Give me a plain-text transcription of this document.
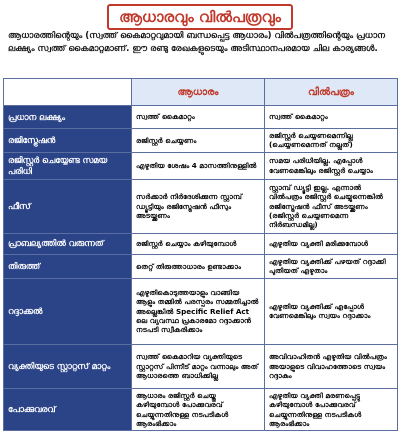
ആധാരവും വിൽപത്രവും
ആധാരത്തിന്റെയും (സ്വത്ത് കൈമാറ്റവുമായി ബന്ധപ്പെട്ട ആധാരം) വിൽപത്രത്തിന്റെയും പ്രധാന ലക്ഷ്യം സ്വത്ത് കൈമാറ്റമാണ്. ഈ രണ്ടു രേഖകളുടെയും അടിസ്ഥാനപരമായ ചില കാര്യങ്ങൾ.
	ആധാരം	വിൽപത്രം
പ്രധാന ലക്ഷ്യം	സ്വത്ത് കൈമാറ്റം	സ്വത്ത് കൈമാറ്റം
രജിസ്ട്രേഷൻ	രജിസ്റ്റർ ചെയ്യണം	രജിസ്റ്റർ ചെയ്യണമെന്നില്ല (ചെയ്യണമെന്നത് നല്ലത്)
രജിസ്റ്റർ ചെയ്യേണ്ട സമയ പരിധി	എഴുതിയ ശേഷം 4 മാസത്തിനുള്ളിൽ	സമയ പരിധിയില്ല. എപ്പോൾ വേണമെങ്കിലും രജിസ്റ്റർ ചെയ്യാം
ഫീസ്	സർക്കാർ നിർദേശിക്കുന്ന സ്റ്റാമ്പ് ഡ്യൂട്ടിയും രജിസ്ട്രേഷൻ ഫീസും അടയ്ക്കണം	സ്റ്റാമ്പ് ഡ്യൂട്ടി ഇല്ല. എന്നാൽ വിൽപത്രം രജിസ്റ്റർ ചെയ്യുന്നെങ്കിൽ രജിസ്ട്രേഷൻ ഫീസ് അടയ്ക്കണം (രജിസ്റ്റർ ചെയ്യണമെന്ന നിർബന്ധമില്ല)
പ്രാബല്യത്തിൽ വരുന്നത്	രജിസ്റ്റർ ചെയ്യാം കഴിയുമ്പോൾ	എഴുതിയ വ്യക്തി മരിക്കുമ്പോൾ
തിരുത്ത്	തെറ്റ് തിരുത്താധാരം ഉണ്ടാക്കാം	എഴുതിയ വ്യക്തിക്ക് പഴയത് റദ്ദാക്കി പുതിയത് എഴുതാം
റദ്ദാക്കൽ	എഴുതികൊടുത്തയാളും വാങ്ങിയ ആളും തമ്മിൽ പരസ്പരം സമ്മതിച്ചാൽ അല്ലെങ്കിൽ Specific Relief Act ലെ വ്യവസ്ഥ പ്രകാരമോ റദ്ദാക്കാൻ നടപടി സ്വീകരിക്കാം	എഴുതിയ വ്യക്തിക്ക് എപ്പോൾ വേണമെങ്കിലും സ്വയം റദ്ദാക്കാം
വ്യക്തിയുടെ സ്റ്റാറ്റസ് മാറ്റം	സ്വത്ത് കൈമാറിയ വ്യക്തിയുടെ സ്റ്റാറ്റസ് പിന്നീട് മാറ്റം വന്നാലും അത് ആധാരത്തെ ബാധിക്കില്ല	അവിവാഹിതൻ എഴുതിയ വിൽപത്രം അയാളുടെ വിവാഹത്തോടെ സ്വയം റദ്ദാകും
പോക്കുവരവ്	ആധാരം രജിസ്റ്റർ ചെയ്തു കഴിയുമ്പോൾ പോക്കുവരവ് ചെയ്യുന്നതിനുള്ള നടപടികൾ ആരംഭിക്കാം	എഴുതിയ വ്യക്തി മരണപ്പെട്ടു കഴിയുമ്പോൾ പോക്കുവരവ് ചെയ്യുന്നതിനുള്ള നടപടികൾ ആരംഭിക്കാം
